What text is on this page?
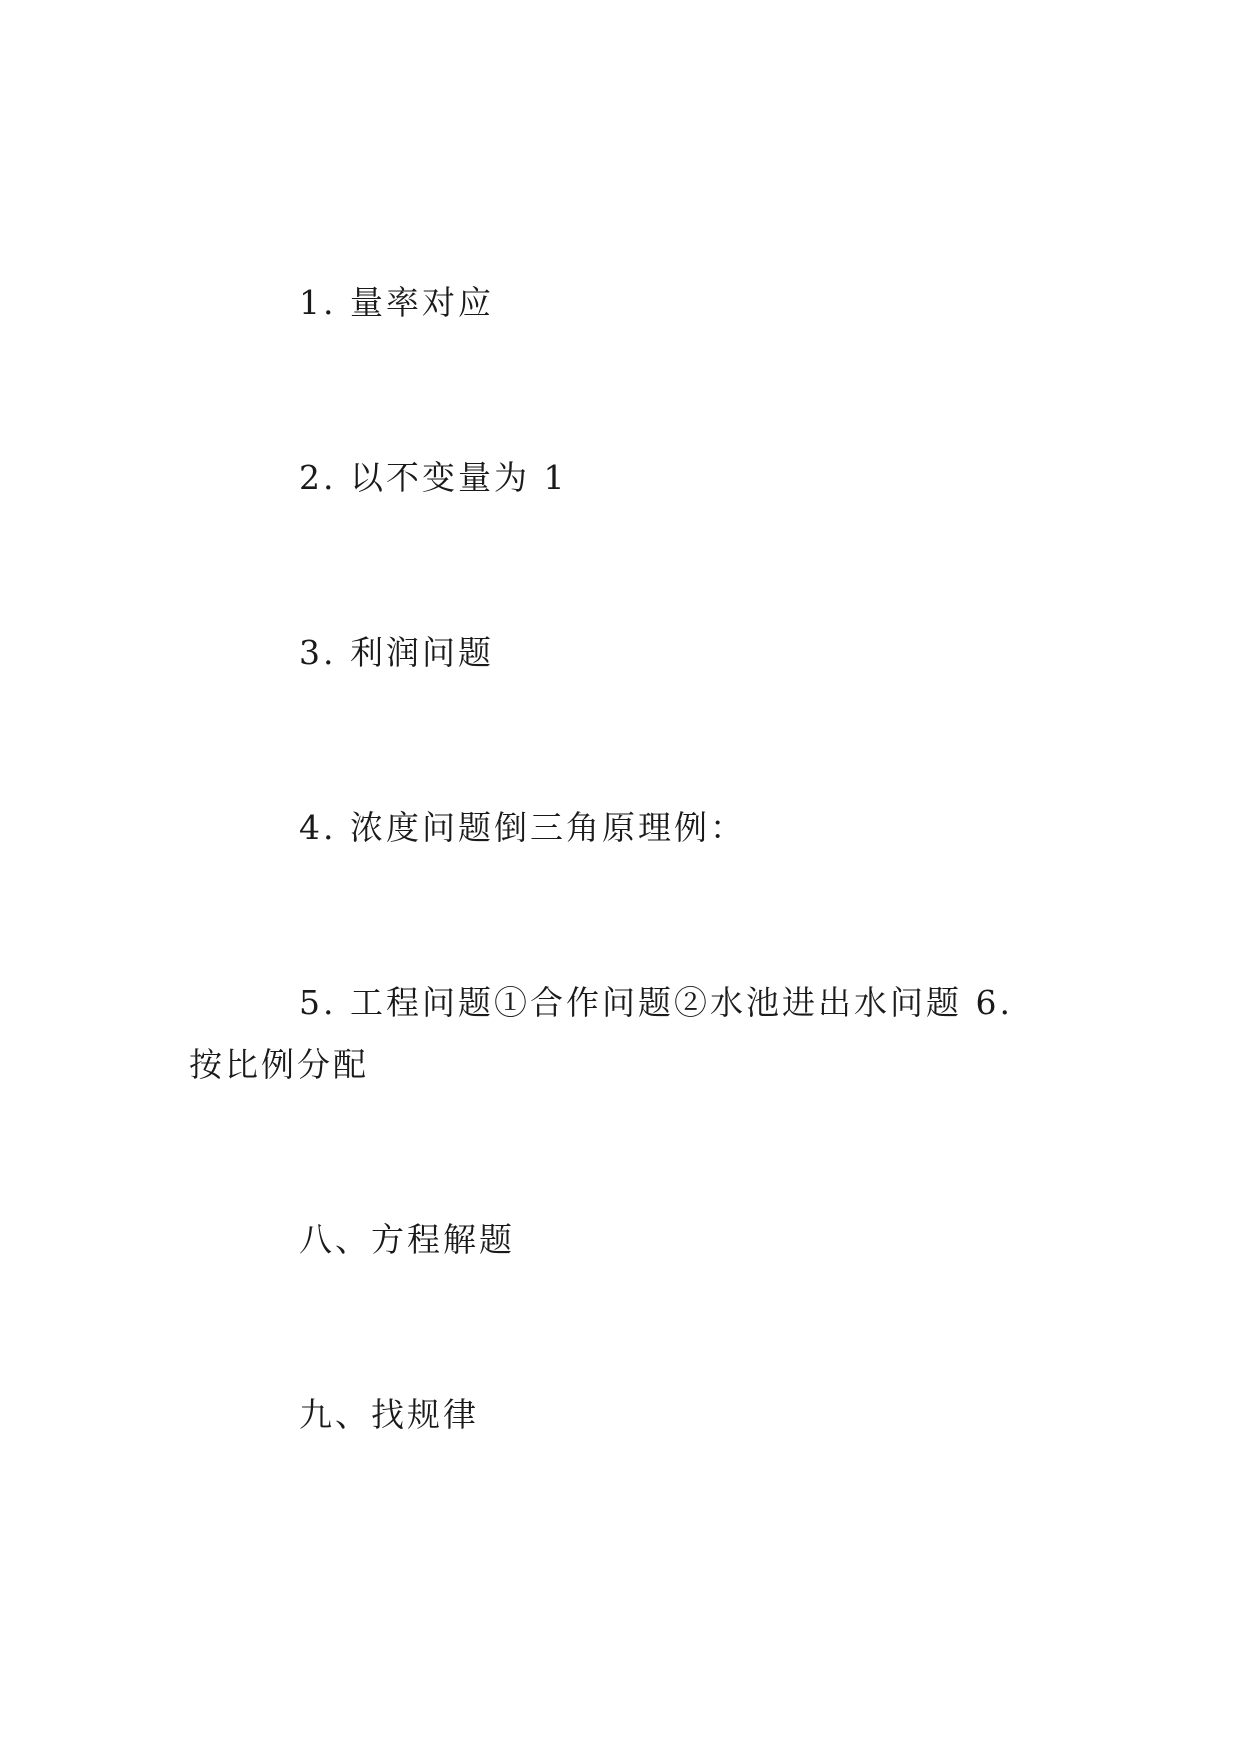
1. 量率对应

2. 以不变量为 1

3. 利润问题

4. 浓度问题倒三角原理例：

5. 工程问题①合作问题②水池进出水问题 6. 按比例分配

八、方程解题

九、找规律
